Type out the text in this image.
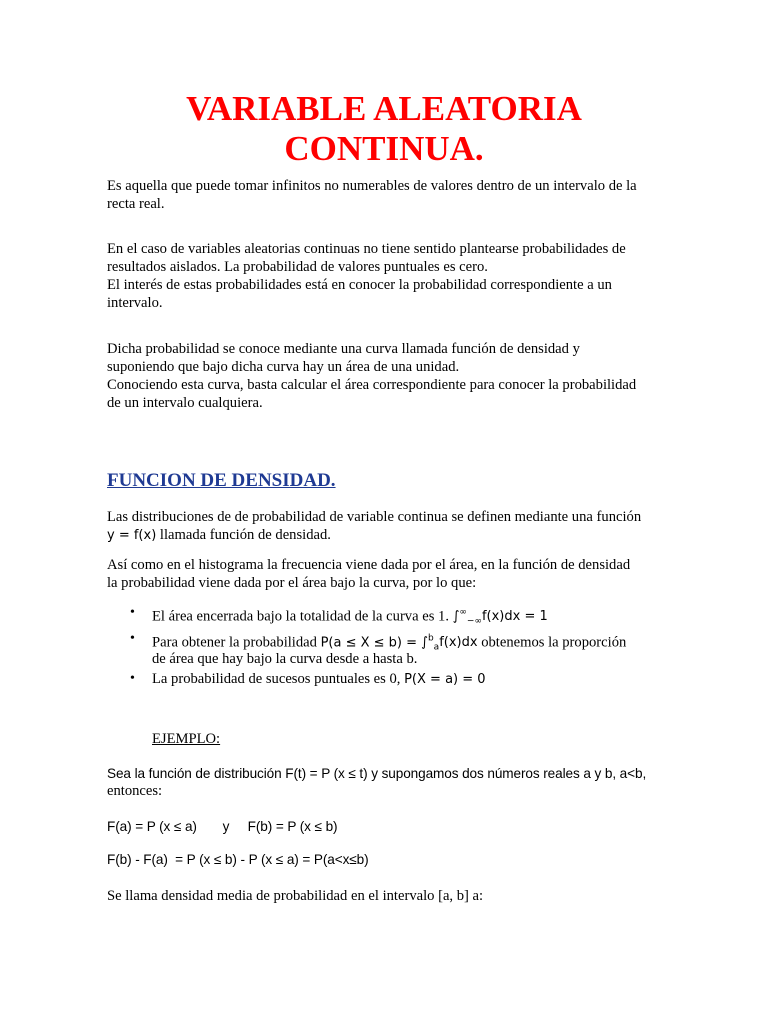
VARIABLE ALEATORIA
CONTINUA.
Es aquella que puede tomar infinitos no numerables de valores dentro de un intervalo de la
recta real.
En el caso de variables aleatorias continuas no tiene sentido plantearse probabilidades de
resultados aislados. La probabilidad de valores puntuales es cero.
El interés de estas probabilidades está en conocer la probabilidad correspondiente a un
intervalo.
Dicha probabilidad se conoce mediante una curva llamada función de densidad y
suponiendo que bajo dicha curva hay un área de una unidad.
Conociendo esta curva, basta calcular el área correspondiente para conocer la probabilidad
de un intervalo cualquiera.
FUNCION DE DENSIDAD.
Las distribuciones de de probabilidad de variable continua se definen mediante una función
y = f(x) llamada función de densidad.
Así como en el histograma la frecuencia viene dada por el área, en la función de densidad
la probabilidad viene dada por el área bajo la curva, por lo que:
• El área encerrada bajo la totalidad de la curva es 1. $\int^\infty_{-\infty}f(x)dx = 1$
• Para obtener la probabilidad P(a ≤ X ≤ b) = ∫$^b_a$f(x)dx obtenemos la proporción
de área que hay bajo la curva desde a hasta b.
• La probabilidad de sucesos puntuales es 0, P(X = a) = 0
EJEMPLO:
Sea la función de distribución F(t) = P (x ≤ t) y supongamos dos números reales a y b, a<b,
entonces:
F(a) = P (x ≤ a)       y     F(b) = P (x ≤ b)
F(b) - F(a)  = P (x ≤ b) - P (x ≤ a) = P(a<x≤b)
Se llama densidad media de probabilidad en el intervalo [a, b] a:
